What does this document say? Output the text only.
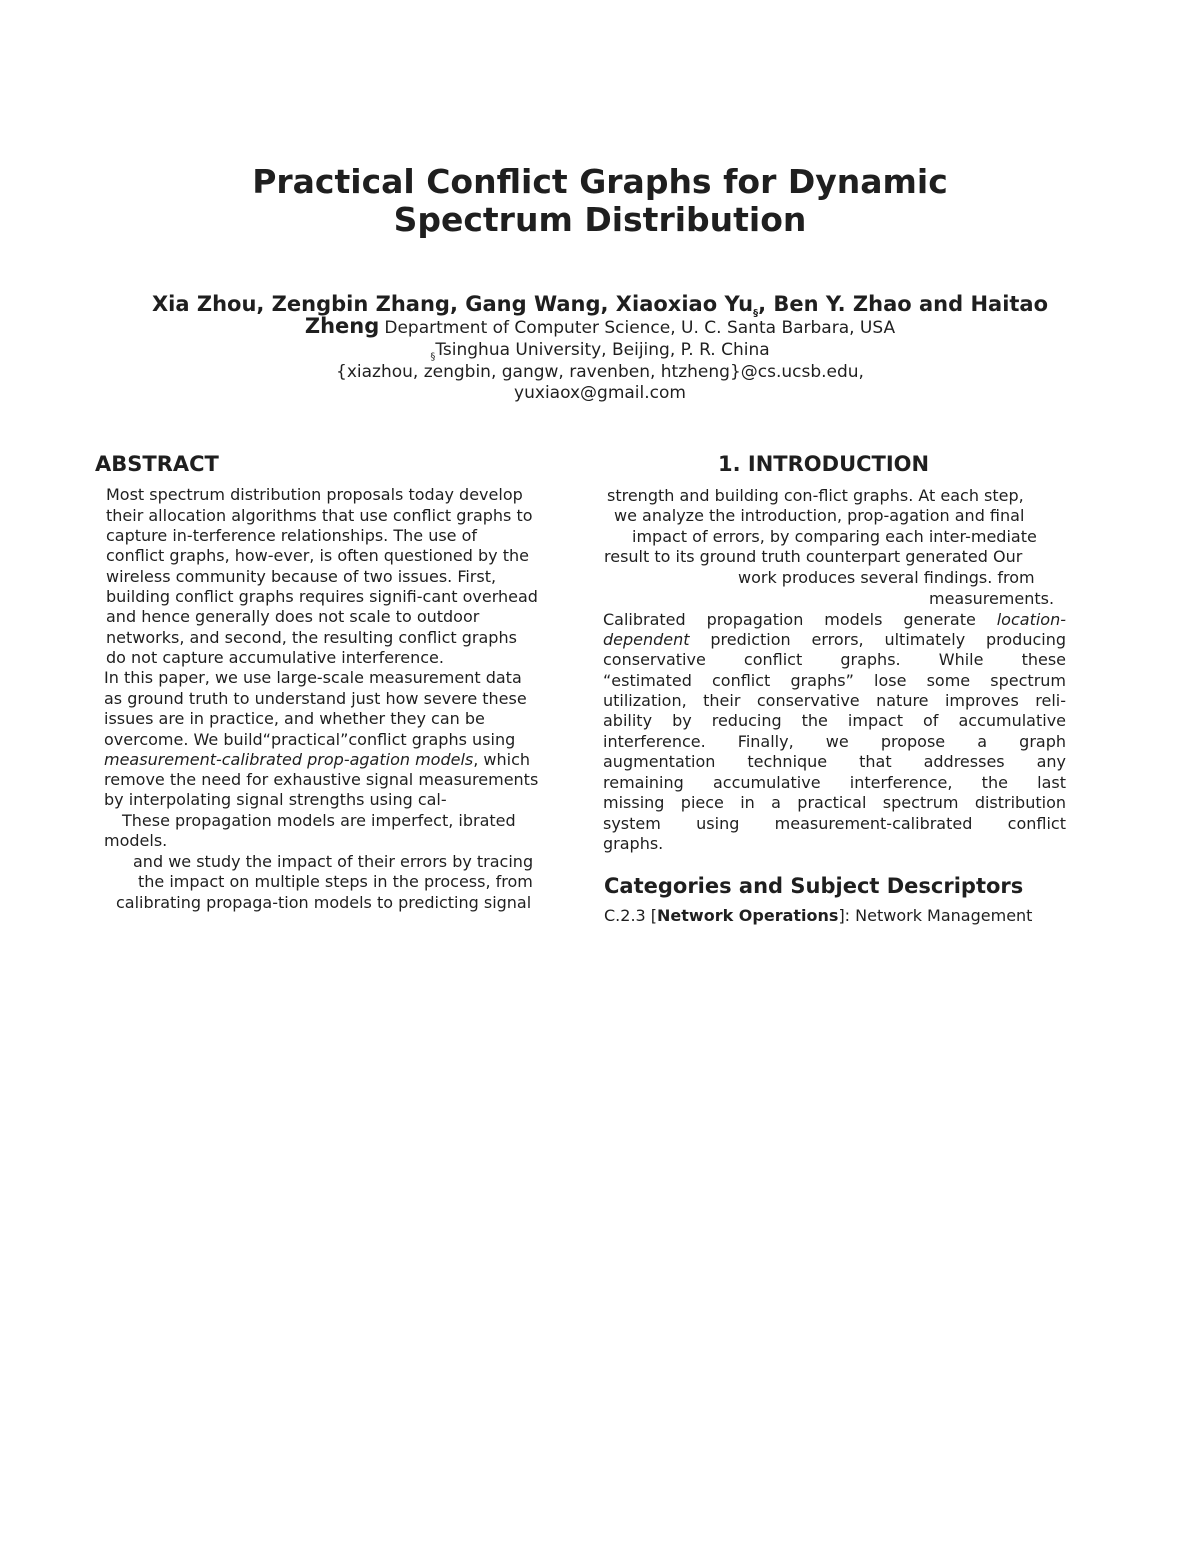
Practical Conflict Graphs for Dynamic
Spectrum Distribution
Xia Zhou, Zengbin Zhang, Gang Wang, Xiaoxiao $Yu_\S$, Ben Y. Zhao and Haitao
Zheng Department of Computer Science, U. C. Santa Barbara, USA
$_\S$Tsinghua University, Beijing, P. R. China
{xiazhou, zengbin, gangw, ravenben, htzheng}@cs.ucsb.edu,
yuxiaox@gmail.com
ABSTRACT
Most spectrum distribution proposals today develop
their allocation algorithms that use conflict graphs to
capture in-terference relationships. The use of
conflict graphs, how-ever, is often questioned by the
wireless community because of two issues. First,
building conflict graphs requires signifi-cant overhead
and hence generally does not scale to outdoor
networks, and second, the resulting conflict graphs
do not capture accumulative interference.
In this paper, we use large-scale measurement data
as ground truth to understand just how severe these
issues are in practice, and whether they can be
overcome. We build“practical”conflict graphs using
measurement-calibrated prop-agation models, which
remove the need for exhaustive signal measurements
by interpolating signal strengths using cal-
These propagation models are imperfect, ibrated
models.
and we study the impact of their errors by tracing
the impact on multiple steps in the process, from
calibrating propaga-tion models to predicting signal
1. INTRODUCTION
strength and building con-flict graphs. At each step,
we analyze the introduction, prop-agation and final
impact of errors, by comparing each inter-mediate
result to its ground truth counterpart generated Our
work produces several findings. from
measurements.
Calibrated propagation models generate location-
dependent prediction errors, ultimately producing
conservative conflict graphs. While these
“estimated conflict graphs” lose some spectrum
utilization, their conservative nature improves reli-
ability by reducing the impact of accumulative
interference. Finally, we propose a graph
augmentation technique that addresses any
remaining accumulative interference, the last
missing piece in a practical spectrum distribution
system using measurement-calibrated conflict
graphs.
Categories and Subject Descriptors
C.2.3 [Network Operations]: Network Management
